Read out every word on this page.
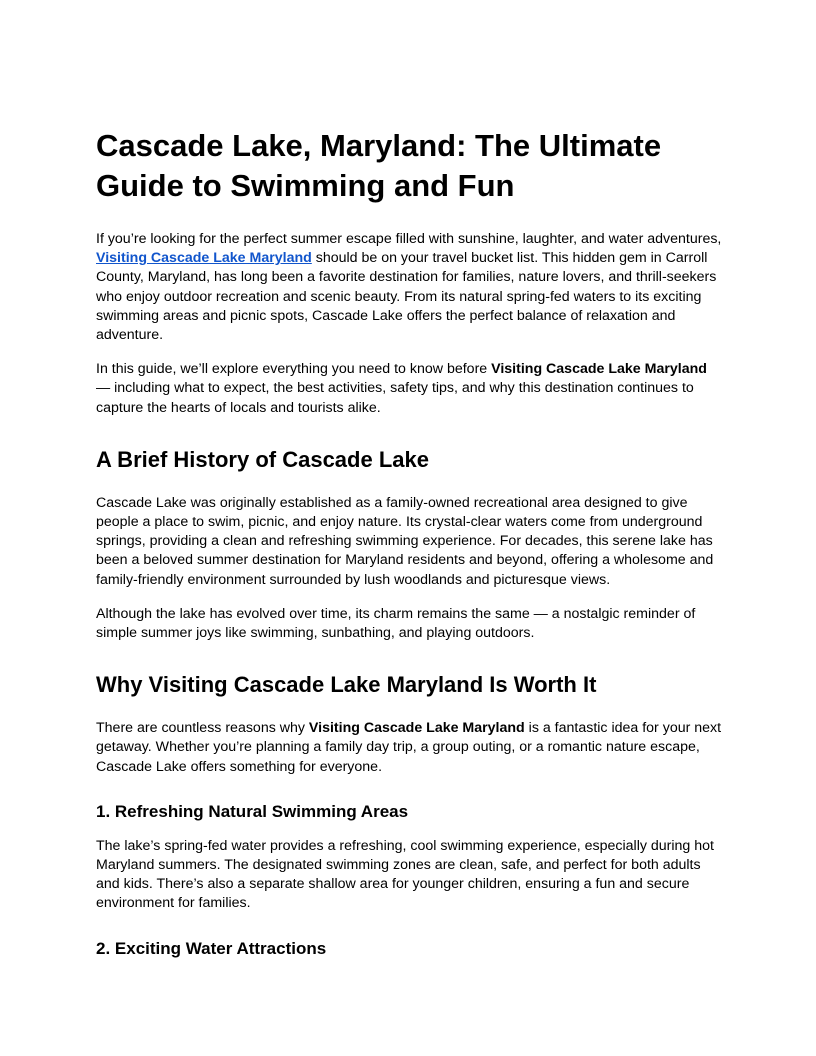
Cascade Lake, Maryland: The Ultimate Guide to Swimming and Fun

If you’re looking for the perfect summer escape filled with sunshine, laughter, and water adventures, Visiting Cascade Lake Maryland should be on your travel bucket list. This hidden gem in Carroll County, Maryland, has long been a favorite destination for families, nature lovers, and thrill-seekers who enjoy outdoor recreation and scenic beauty. From its natural spring-fed waters to its exciting swimming areas and picnic spots, Cascade Lake offers the perfect balance of relaxation and adventure.

In this guide, we’ll explore everything you need to know before Visiting Cascade Lake Maryland — including what to expect, the best activities, safety tips, and why this destination continues to capture the hearts of locals and tourists alike.

A Brief History of Cascade Lake

Cascade Lake was originally established as a family-owned recreational area designed to give people a place to swim, picnic, and enjoy nature. Its crystal-clear waters come from underground springs, providing a clean and refreshing swimming experience. For decades, this serene lake has been a beloved summer destination for Maryland residents and beyond, offering a wholesome and family-friendly environment surrounded by lush woodlands and picturesque views.

Although the lake has evolved over time, its charm remains the same — a nostalgic reminder of simple summer joys like swimming, sunbathing, and playing outdoors.

Why Visiting Cascade Lake Maryland Is Worth It

There are countless reasons why Visiting Cascade Lake Maryland is a fantastic idea for your next getaway. Whether you’re planning a family day trip, a group outing, or a romantic nature escape, Cascade Lake offers something for everyone.

1. Refreshing Natural Swimming Areas

The lake’s spring-fed water provides a refreshing, cool swimming experience, especially during hot Maryland summers. The designated swimming zones are clean, safe, and perfect for both adults and kids. There’s also a separate shallow area for younger children, ensuring a fun and secure environment for families.

2. Exciting Water Attractions
